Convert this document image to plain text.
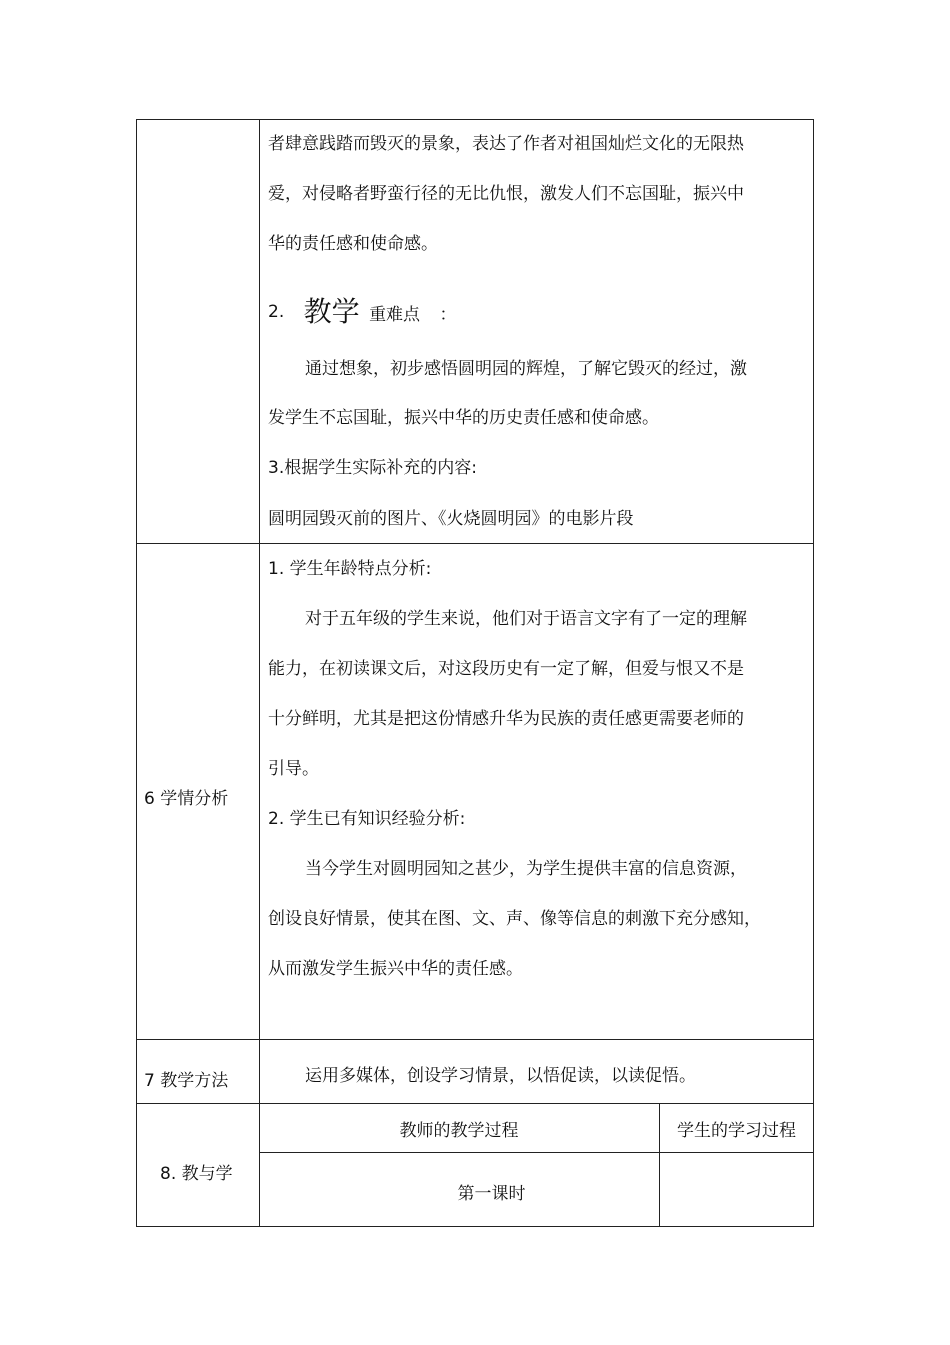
者肆意践踏而毁灭的景象，表达了作者对祖国灿烂文化的无限热
爱，对侵略者野蛮行径的无比仇恨，激发人们不忘国耻，振兴中
华的责任感和使命感。
2. 教学 重难点 ：
通过想象，初步感悟圆明园的辉煌，了解它毁灭的经过，激
发学生不忘国耻，振兴中华的历史责任感和使命感。
3.根据学生实际补充的内容:
圆明园毁灭前的图片、《火烧圆明园》的电影片段
6 学情分析
1. 学生年龄特点分析:
对于五年级的学生来说，他们对于语言文字有了一定的理解
能力，在初读课文后，对这段历史有一定了解，但爱与恨又不是
十分鲜明，尤其是把这份情感升华为民族的责任感更需要老师的
引导。
2. 学生已有知识经验分析:
当今学生对圆明园知之甚少，为学生提供丰富的信息资源，
创设良好情景，使其在图、文、声、像等信息的刺激下充分感知，
从而激发学生振兴中华的责任感。
7 教学方法	运用多媒体，创设学习情景，以悟促读，以读促悟。
8. 教与学
教师的教学过程	学生的学习过程
第一课时
